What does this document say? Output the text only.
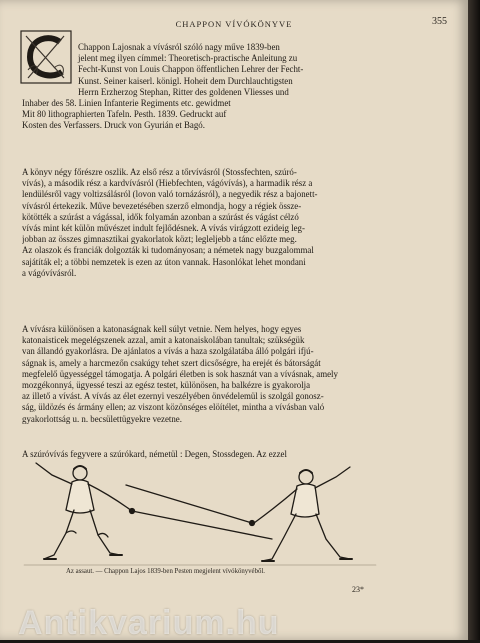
CHAPPON VÍVÓKÖNYVE	355
Chappon Lajosnak a vívásról szóló nagy műve 1839-ben
jelent meg ilyen címmel: Theoretisch-practische Anleitung zu
Fecht-Kunst von Louis Chappon öffentlichen Lehrer der Fecht-
Kunst. Seiner kaiserl. königl. Hoheit dem Durchlauchtigsten
Herrn Erzherzog Stephan, Ritter des goldenen Vliesses und
Inhaber des 58. Linien Infanterie Regiments etc. gewidmet
Mit 80 lithographierten Tafeln. Pesth. 1839. Gedruckt auf
Kosten des Verfassers. Druck von Gyurián et Bagó.
A könyv négy főrészre oszlik. Az első rész a tőrvívásról (Stossfechten, szúró-
vívás), a második rész a kardvívásról (Hiebfechten, vágóvívás), a harmadik rész a
lendülésről vagy voltizsálásról (lovon való tornázásról), a negyedik rész a bajonett-
vívásról értekezik. Műve bevezetésében szerző elmondja, hogy a régiek össze-
kötötték a szúrást a vágással, idők folyamán azonban a szúrást és vágást célzó
vívás mint két külön művészet indult fejlődésnek. A vívás virágzott ezideig leg-
jobban az összes gimnasztikai gyakorlatok közt; legleljebb a tánc előzte meg.
Az olaszok és franciák dolgozták ki tudományosan; a németek nagy buzgalommal
sajátíták el; a többi nemzetek is ezen az úton vannak. Hasonlókat lehet mondani
a vágóvívásról.
A vívásra különösen a katonaságnak kell súlyt vetnie. Nem helyes, hogy egyes
katonaisticek megelégszenek azzal, amit a katonaiskolában tanultak; szükségük
van állandó gyakorlásra. De ajánlatos a vívás a haza szolgálatába álló polgári ifjú-
ságnak is, amely a harcmezőn csakúgy tehet szert dicsőségre, ha erejét és bátorságát
megfelelő ügyességgel támogatja. A polgári életben is sok hasznát van a vívásnak, amely
mozgékonnyá, ügyessé teszi az egész testet, különösen, ha balkézre is gyakorolja
az illető a vívást. A vívás az élet ezernyi veszélyében önvédelemül is szolgál gonosz-
ság, üldözés és ármány ellen; az viszont közönséges elöítélet, mintha a vívásban való
gyakorlottság u. n. becsülettügyekre vezetne.
A szúróvívás fegyvere a szúrókard, németül : Degen, Stossdegen. Az ezzel
Az assaut. — Chappon Lajos 1839-ben Pesten megjelent vívókönyvéből.
23*
Antikvarium.hu
